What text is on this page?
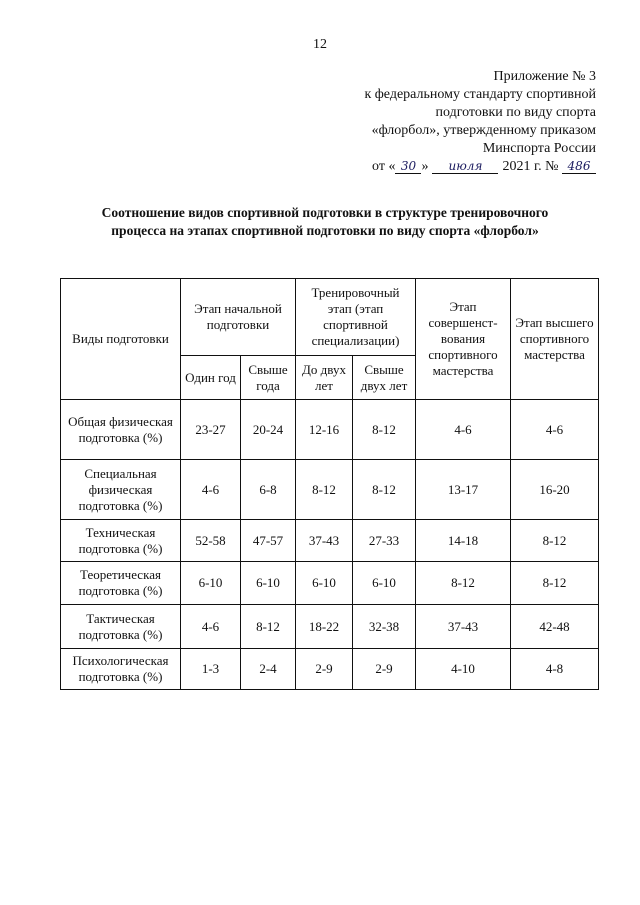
12
Приложение № 3
к федеральному стандарту спортивной
подготовки по виду спорта
«флорбол», утвержденному приказом
Минспорта России
от « 30 » июля 2021 г. № 486
Соотношение видов спортивной подготовки в структуре тренировочного
процесса на этапах спортивной подготовки по виду спорта «флорбол»
Виды подготовки	Этап начальной подготовки		Тренировочный этап (этап спортивной специализации)		Этап совершенст-вования спортивного мастерства	Этап высшего спортивного мастерства
	Один год	Свыше года	До двух лет	Свыше двух лет		
Общая физическая подготовка (%)	23-27	20-24	12-16	8-12	4-6	4-6
Специальная физическая подготовка (%)	4-6	6-8	8-12	8-12	13-17	16-20
Техническая подготовка (%)	52-58	47-57	37-43	27-33	14-18	8-12
Теоретическая подготовка (%)	6-10	6-10	6-10	6-10	8-12	8-12
Тактическая подготовка (%)	4-6	8-12	18-22	32-38	37-43	42-48
Психологическая подготовка (%)	1-3	2-4	2-9	2-9	4-10	4-8
